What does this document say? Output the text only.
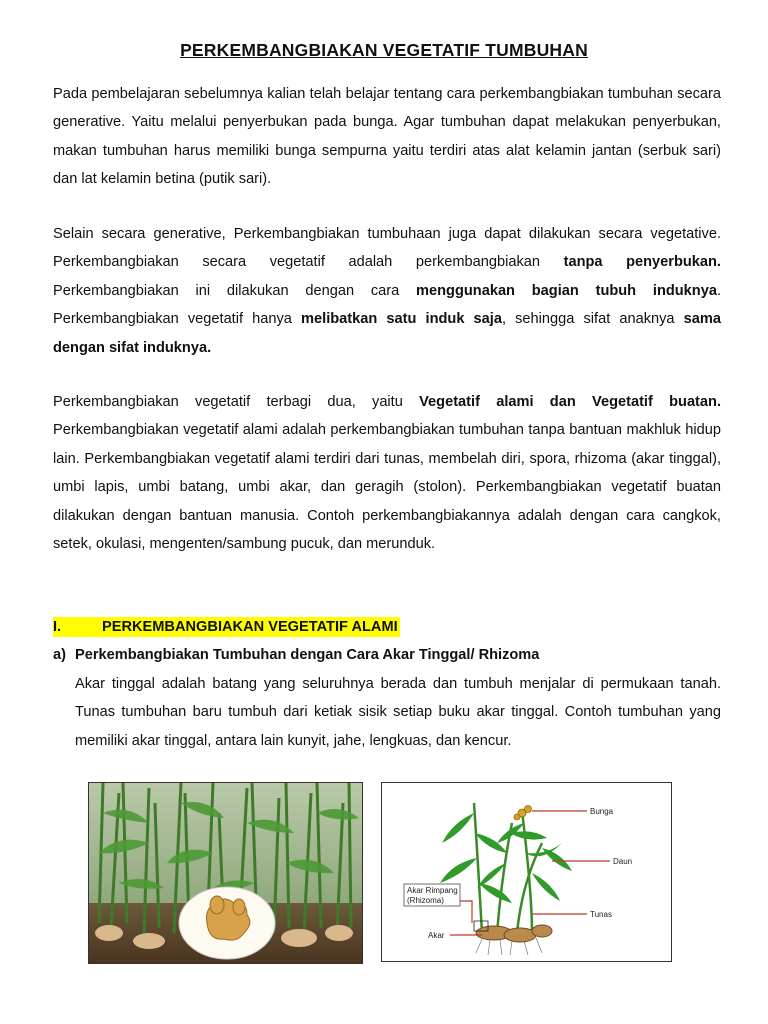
PERKEMBANGBIAKAN VEGETATIF TUMBUHAN
Pada pembelajaran sebelumnya kalian telah belajar tentang cara perkembangbiakan tumbuhan secara generative. Yaitu melalui penyerbukan pada bunga. Agar tumbuhan dapat melakukan penyerbukan, makan tumbuhan harus memiliki bunga sempurna yaitu terdiri atas alat kelamin jantan (serbuk sari) dan lat kelamin betina (putik sari).
Selain secara generative, Perkembangbiakan tumbuhaan juga dapat dilakukan secara vegetative. Perkembangbiakan secara vegetatif adalah perkembangbiakan tanpa penyerbukan. Perkembangbiakan ini dilakukan dengan cara menggunakan bagian tubuh induknya. Perkembangbiakan vegetatif hanya melibatkan satu induk saja, sehingga sifat anaknya sama dengan sifat induknya.
Perkembangbiakan vegetatif terbagi dua, yaitu Vegetatif alami dan Vegetatif buatan. Perkembangbiakan vegetatif alami adalah perkembangbiakan tumbuhan tanpa bantuan makhluk hidup lain. Perkembangbiakan vegetatif alami terdiri dari tunas, membelah diri, spora, rhizoma (akar tinggal), umbi lapis, umbi batang, umbi akar, dan geragih (stolon). Perkembangbiakan vegetatif buatan dilakukan dengan bantuan manusia. Contoh perkembangbiakannya adalah dengan cara cangkok, setek, okulasi, mengenten/sambung pucuk, dan merunduk.
I.	PERKEMBANGBIAKAN VEGETATIF ALAMI
a) Perkembangbiakan Tumbuhan dengan Cara Akar Tinggal/ Rhizoma
Akar tinggal adalah batang yang seluruhnya berada dan tumbuh menjalar di permukaan tanah. Tunas tumbuhan baru tumbuh dari ketiak sisik setiap buku akar tinggal. Contoh tumbuhan yang memiliki akar tinggal, antara lain kunyit, jahe, lengkuas, dan kencur.
Bunga
Daun
Akar Rimpang
(Rhizoma)
Tunas
Akar
